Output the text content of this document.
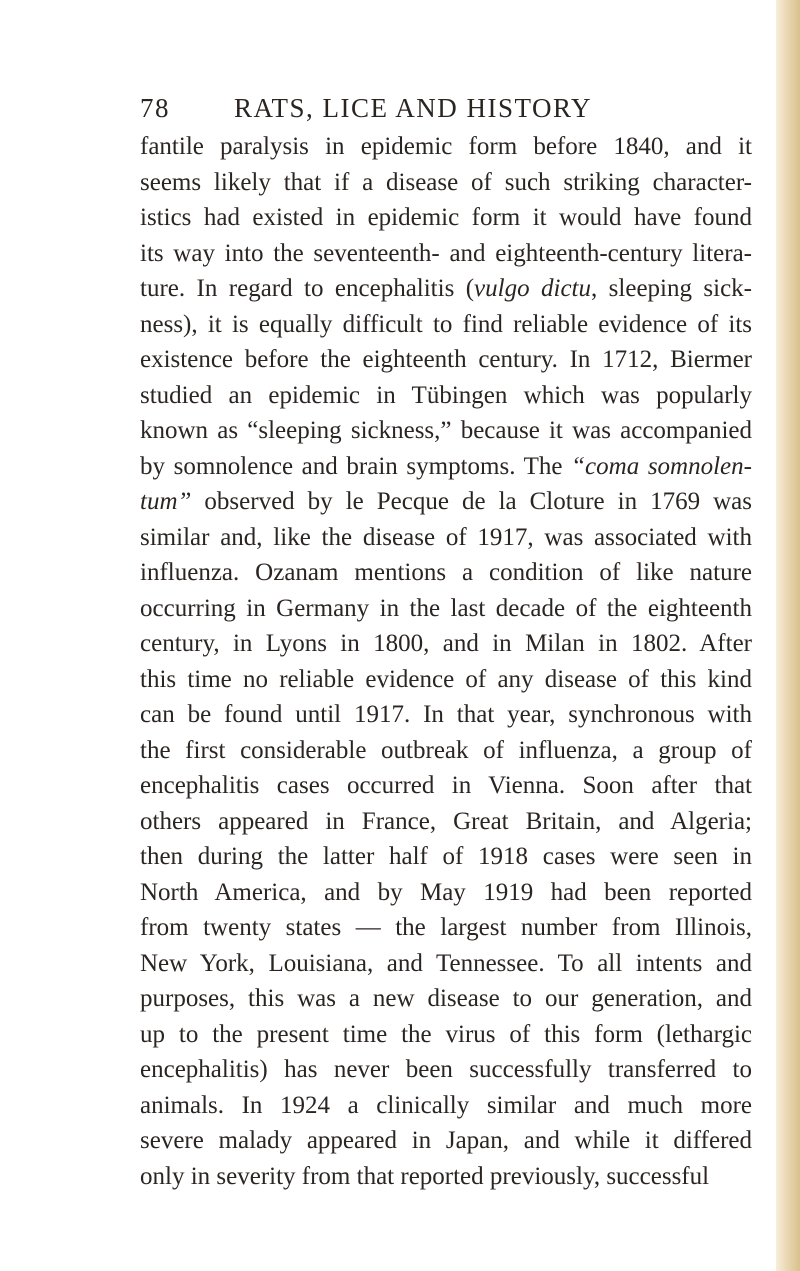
78 RATS, LICE AND HISTORY
fantile paralysis in epidemic form before 1840, and it
seems likely that if a disease of such striking character-
istics had existed in epidemic form it would have found
its way into the seventeenth- and eighteenth-century litera-
ture. In regard to encephalitis (vulgo dictu, sleeping sick-
ness), it is equally difficult to find reliable evidence of its
existence before the eighteenth century. In 1712, Biermer
studied an epidemic in Tübingen which was popularly
known as “sleeping sickness,” because it was accompanied
by somnolence and brain symptoms. The “coma somnolen-
tum” observed by le Pecque de la Cloture in 1769 was
similar and, like the disease of 1917, was associated with
influenza. Ozanam mentions a condition of like nature
occurring in Germany in the last decade of the eighteenth
century, in Lyons in 1800, and in Milan in 1802. After
this time no reliable evidence of any disease of this kind
can be found until 1917. In that year, synchronous with
the first considerable outbreak of influenza, a group of
encephalitis cases occurred in Vienna. Soon after that
others appeared in France, Great Britain, and Algeria;
then during the latter half of 1918 cases were seen in
North America, and by May 1919 had been reported
from twenty states — the largest number from Illinois,
New York, Louisiana, and Tennessee. To all intents and
purposes, this was a new disease to our generation, and
up to the present time the virus of this form (lethargic
encephalitis) has never been successfully transferred to
animals. In 1924 a clinically similar and much more
severe malady appeared in Japan, and while it differed
only in severity from that reported previously, successful
